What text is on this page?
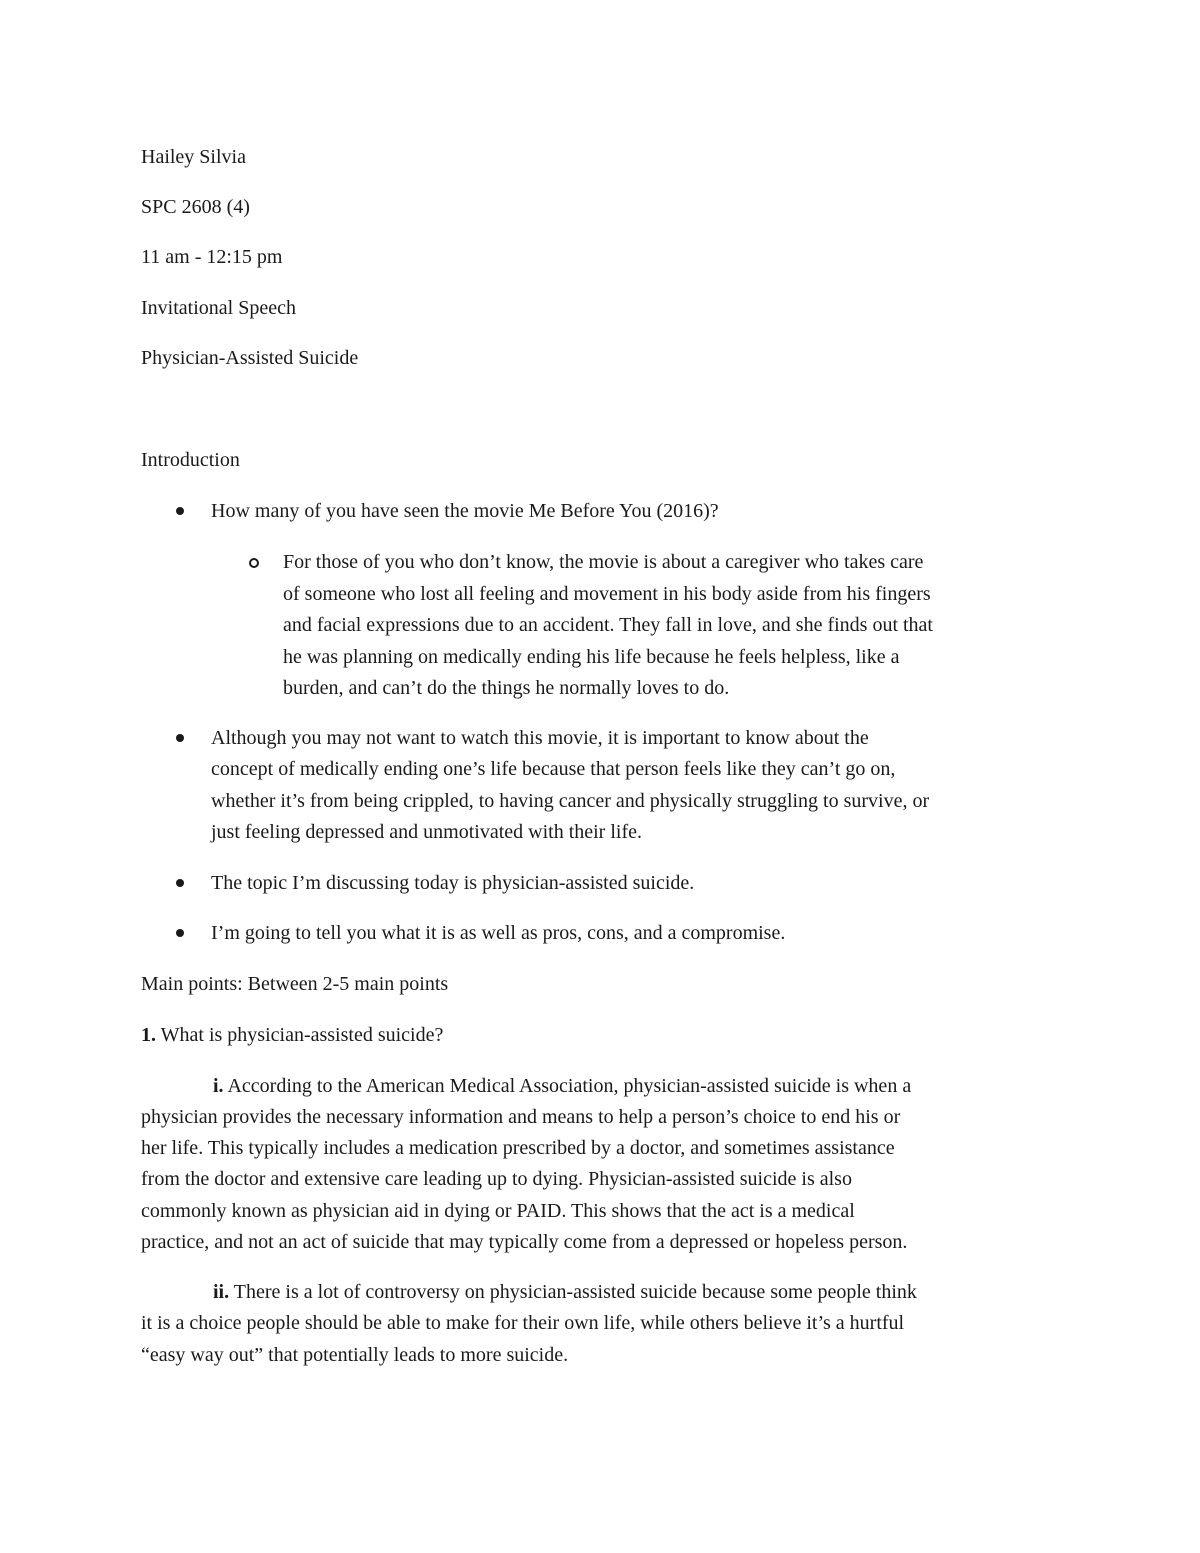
Hailey Silvia
SPC 2608 (4)
11 am - 12:15 pm
Invitational Speech
Physician-Assisted Suicide
Introduction
How many of you have seen the movie Me Before You (2016)?
For those of you who don’t know, the movie is about a caregiver who takes care
of someone who lost all feeling and movement in his body aside from his fingers
and facial expressions due to an accident. They fall in love, and she finds out that
he was planning on medically ending his life because he feels helpless, like a
burden, and can’t do the things he normally loves to do.
Although you may not want to watch this movie, it is important to know about the
concept of medically ending one’s life because that person feels like they can’t go on,
whether it’s from being crippled, to having cancer and physically struggling to survive, or
just feeling depressed and unmotivated with their life.
The topic I’m discussing today is physician-assisted suicide.
I’m going to tell you what it is as well as pros, cons, and a compromise.
Main points: Between 2-5 main points
1. What is physician-assisted suicide?
i. According to the American Medical Association, physician-assisted suicide is when a
physician provides the necessary information and means to help a person’s choice to end his or
her life. This typically includes a medication prescribed by a doctor, and sometimes assistance
from the doctor and extensive care leading up to dying. Physician-assisted suicide is also
commonly known as physician aid in dying or PAID. This shows that the act is a medical
practice, and not an act of suicide that may typically come from a depressed or hopeless person.
ii. There is a lot of controversy on physician-assisted suicide because some people think
it is a choice people should be able to make for their own life, while others believe it’s a hurtful
“easy way out” that potentially leads to more suicide.
